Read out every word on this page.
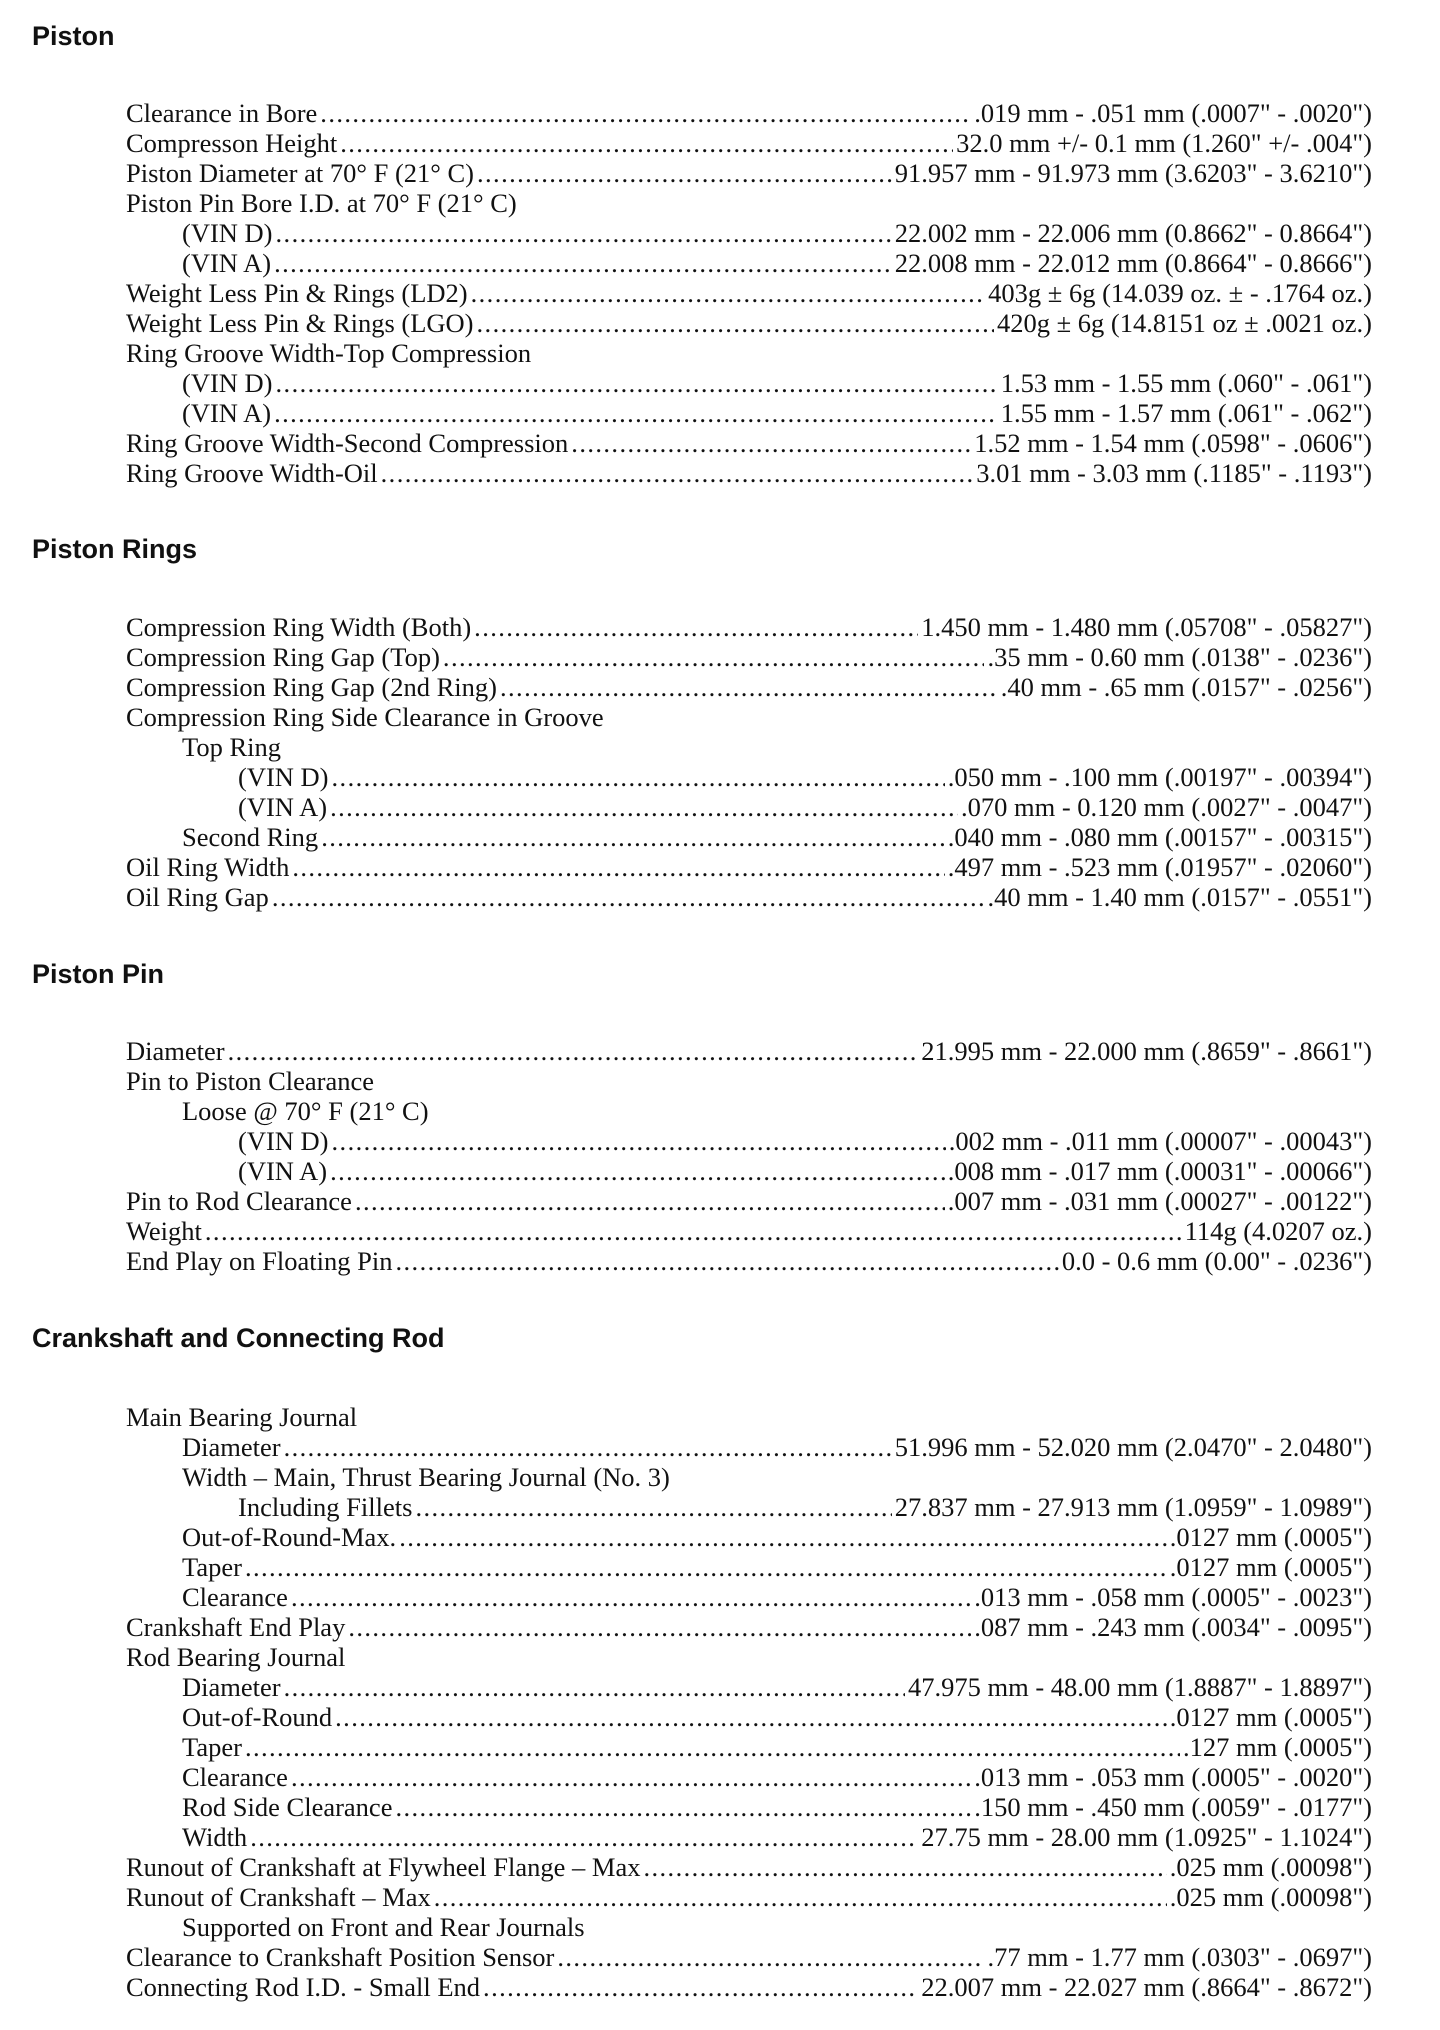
Piston
Clearance in Bore .....	.019 mm - .051 mm (.0007" - .0020")
Compresson Height .....	32.0 mm +/- 0.1 mm (1.260" +/- .004")
Piston Diameter at 70° F (21° C) .....	91.957 mm - 91.973 mm (3.6203" - 3.6210")
Piston Pin Bore I.D. at 70° F (21° C)
(VIN D) .....	22.002 mm - 22.006 mm (0.8662" - 0.8664")
(VIN A) .....	22.008 mm - 22.012 mm (0.8664" - 0.8666")
Weight Less Pin & Rings (LD2) .....	403g ± 6g (14.039 oz. ± - .1764 oz.)
Weight Less Pin & Rings (LGO) .....	420g ± 6g (14.8151 oz ± .0021 oz.)
Ring Groove Width-Top Compression
(VIN D) .....	1.53 mm - 1.55 mm (.060" - .061")
(VIN A) .....	1.55 mm - 1.57 mm (.061" - .062")
Ring Groove Width-Second Compression .....	1.52 mm - 1.54 mm (.0598" - .0606")
Ring Groove Width-Oil .....	3.01 mm - 3.03 mm (.1185" - .1193")
Piston Rings
Compression Ring Width (Both) .....	1.450 mm - 1.480 mm (.05708" - .05827")
Compression Ring Gap (Top) .....	.35 mm - 0.60 mm (.0138" - .0236")
Compression Ring Gap (2nd Ring) .....	.40 mm - .65 mm (.0157" - .0256")
Compression Ring Side Clearance in Groove
Top Ring
(VIN D) .....	.050 mm - .100 mm (.00197" - .00394")
(VIN A) .....	.070 mm - 0.120 mm (.0027" - .0047")
Second Ring .....	.040 mm - .080 mm (.00157" - .00315")
Oil Ring Width .....	.497 mm - .523 mm (.01957" - .02060")
Oil Ring Gap .....	.40 mm - 1.40 mm (.0157" - .0551")
Piston Pin
Diameter .....	21.995 mm - 22.000 mm (.8659" - .8661")
Pin to Piston Clearance
Loose @ 70° F (21° C)
(VIN D) .....	.002 mm - .011 mm (.00007" - .00043")
(VIN A) .....	.008 mm - .017 mm (.00031" - .00066")
Pin to Rod Clearance .....	.007 mm - .031 mm (.00027" - .00122")
Weight .....	114g (4.0207 oz.)
End Play on Floating Pin .....	0.0 - 0.6 mm (0.00" - .0236")
Crankshaft and Connecting Rod
Main Bearing Journal
Diameter .....	51.996 mm - 52.020 mm (2.0470" - 2.0480")
Width – Main, Thrust Bearing Journal (No. 3)
Including Fillets .....	27.837 mm - 27.913 mm (1.0959" - 1.0989")
Out-of-Round-Max. .....	.0127 mm (.0005")
Taper .....	.0127 mm (.0005")
Clearance .....	.013 mm - .058 mm (.0005" - .0023")
Crankshaft End Play .....	.087 mm - .243 mm (.0034" - .0095")
Rod Bearing Journal
Diameter .....	47.975 mm - 48.00 mm (1.8887" - 1.8897")
Out-of-Round .....	.0127 mm (.0005")
Taper .....	.127 mm (.0005")
Clearance .....	.013 mm - .053 mm (.0005" - .0020")
Rod Side Clearance .....	.150 mm - .450 mm (.0059" - .0177")
Width .....	27.75 mm - 28.00 mm (1.0925" - 1.1024")
Runout of Crankshaft at Flywheel Flange – Max .....	.025 mm (.00098")
Runout of Crankshaft – Max .....	.025 mm (.00098")
Supported on Front and Rear Journals
Clearance to Crankshaft Position Sensor .....	.77 mm - 1.77 mm (.0303" - .0697")
Connecting Rod I.D. - Small End .....	22.007 mm - 22.027 mm (.8664" - .8672")
